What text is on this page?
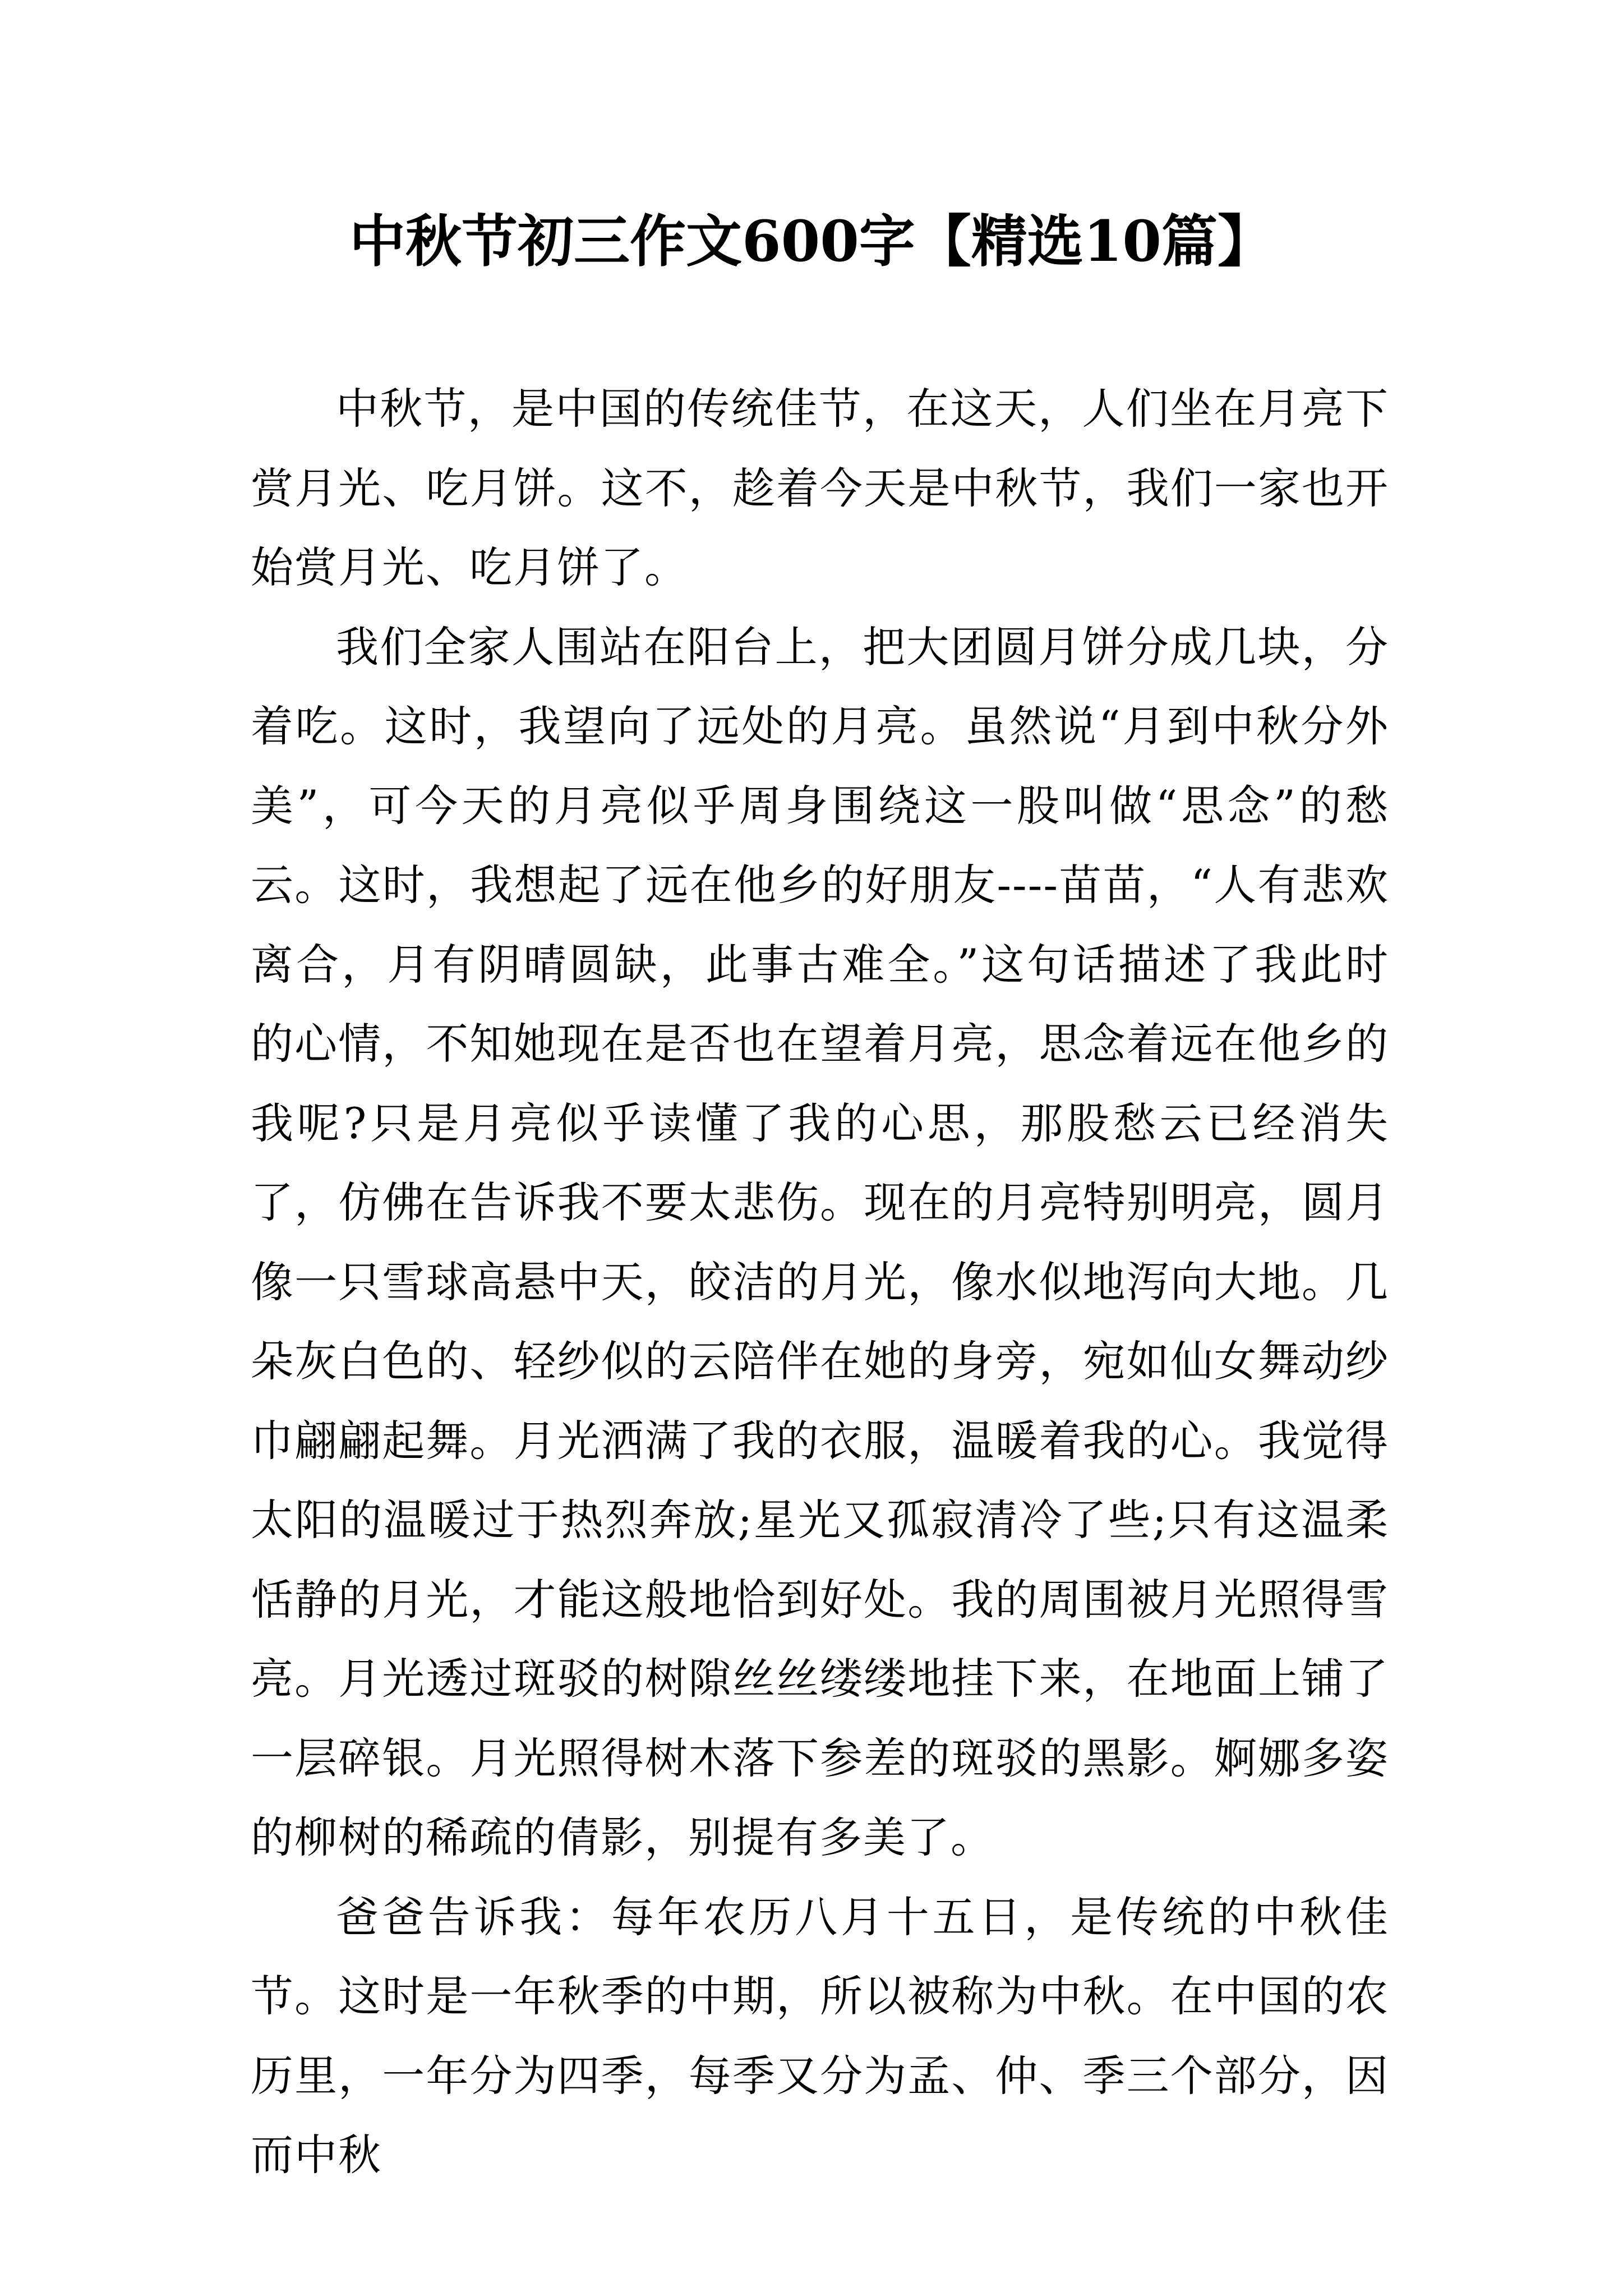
中秋节初三作文600字【精选10篇】

中秋节，是中国的传统佳节，在这天，人们坐在月亮下赏月光、吃月饼。这不，趁着今天是中秋节，我们一家也开始赏月光、吃月饼了。

我们全家人围站在阳台上，把大团圆月饼分成几块，分着吃。这时，我望向了远处的月亮。虽然说“月到中秋分外美”，可今天的月亮似乎周身围绕这一股叫做“思念”的愁云。这时，我想起了远在他乡的好朋友----苗苗，“人有悲欢离合，月有阴晴圆缺，此事古难全。”这句话描述了我此时的心情，不知她现在是否也在望着月亮，思念着远在他乡的我呢?只是月亮似乎读懂了我的心思，那股愁云已经消失了，仿佛在告诉我不要太悲伤。现在的月亮特别明亮，圆月像一只雪球高悬中天，皎洁的月光，像水似地泻向大地。几朵灰白色的、轻纱似的云陪伴在她的身旁，宛如仙女舞动纱巾翩翩起舞。月光洒满了我的衣服，温暖着我的心。我觉得太阳的温暖过于热烈奔放;星光又孤寂清冷了些;只有这温柔恬静的月光，才能这般地恰到好处。我的周围被月光照得雪亮。月光透过斑驳的树隙丝丝缕缕地挂下来，在地面上铺了一层碎银。月光照得树木落下参差的斑驳的黑影。婀娜多姿的柳树的稀疏的倩影，别提有多美了。

爸爸告诉我：每年农历八月十五日，是传统的中秋佳节。这时是一年秋季的中期，所以被称为中秋。在中国的农历里，一年分为四季，每季又分为孟、仲、季三个部分，因而中秋
